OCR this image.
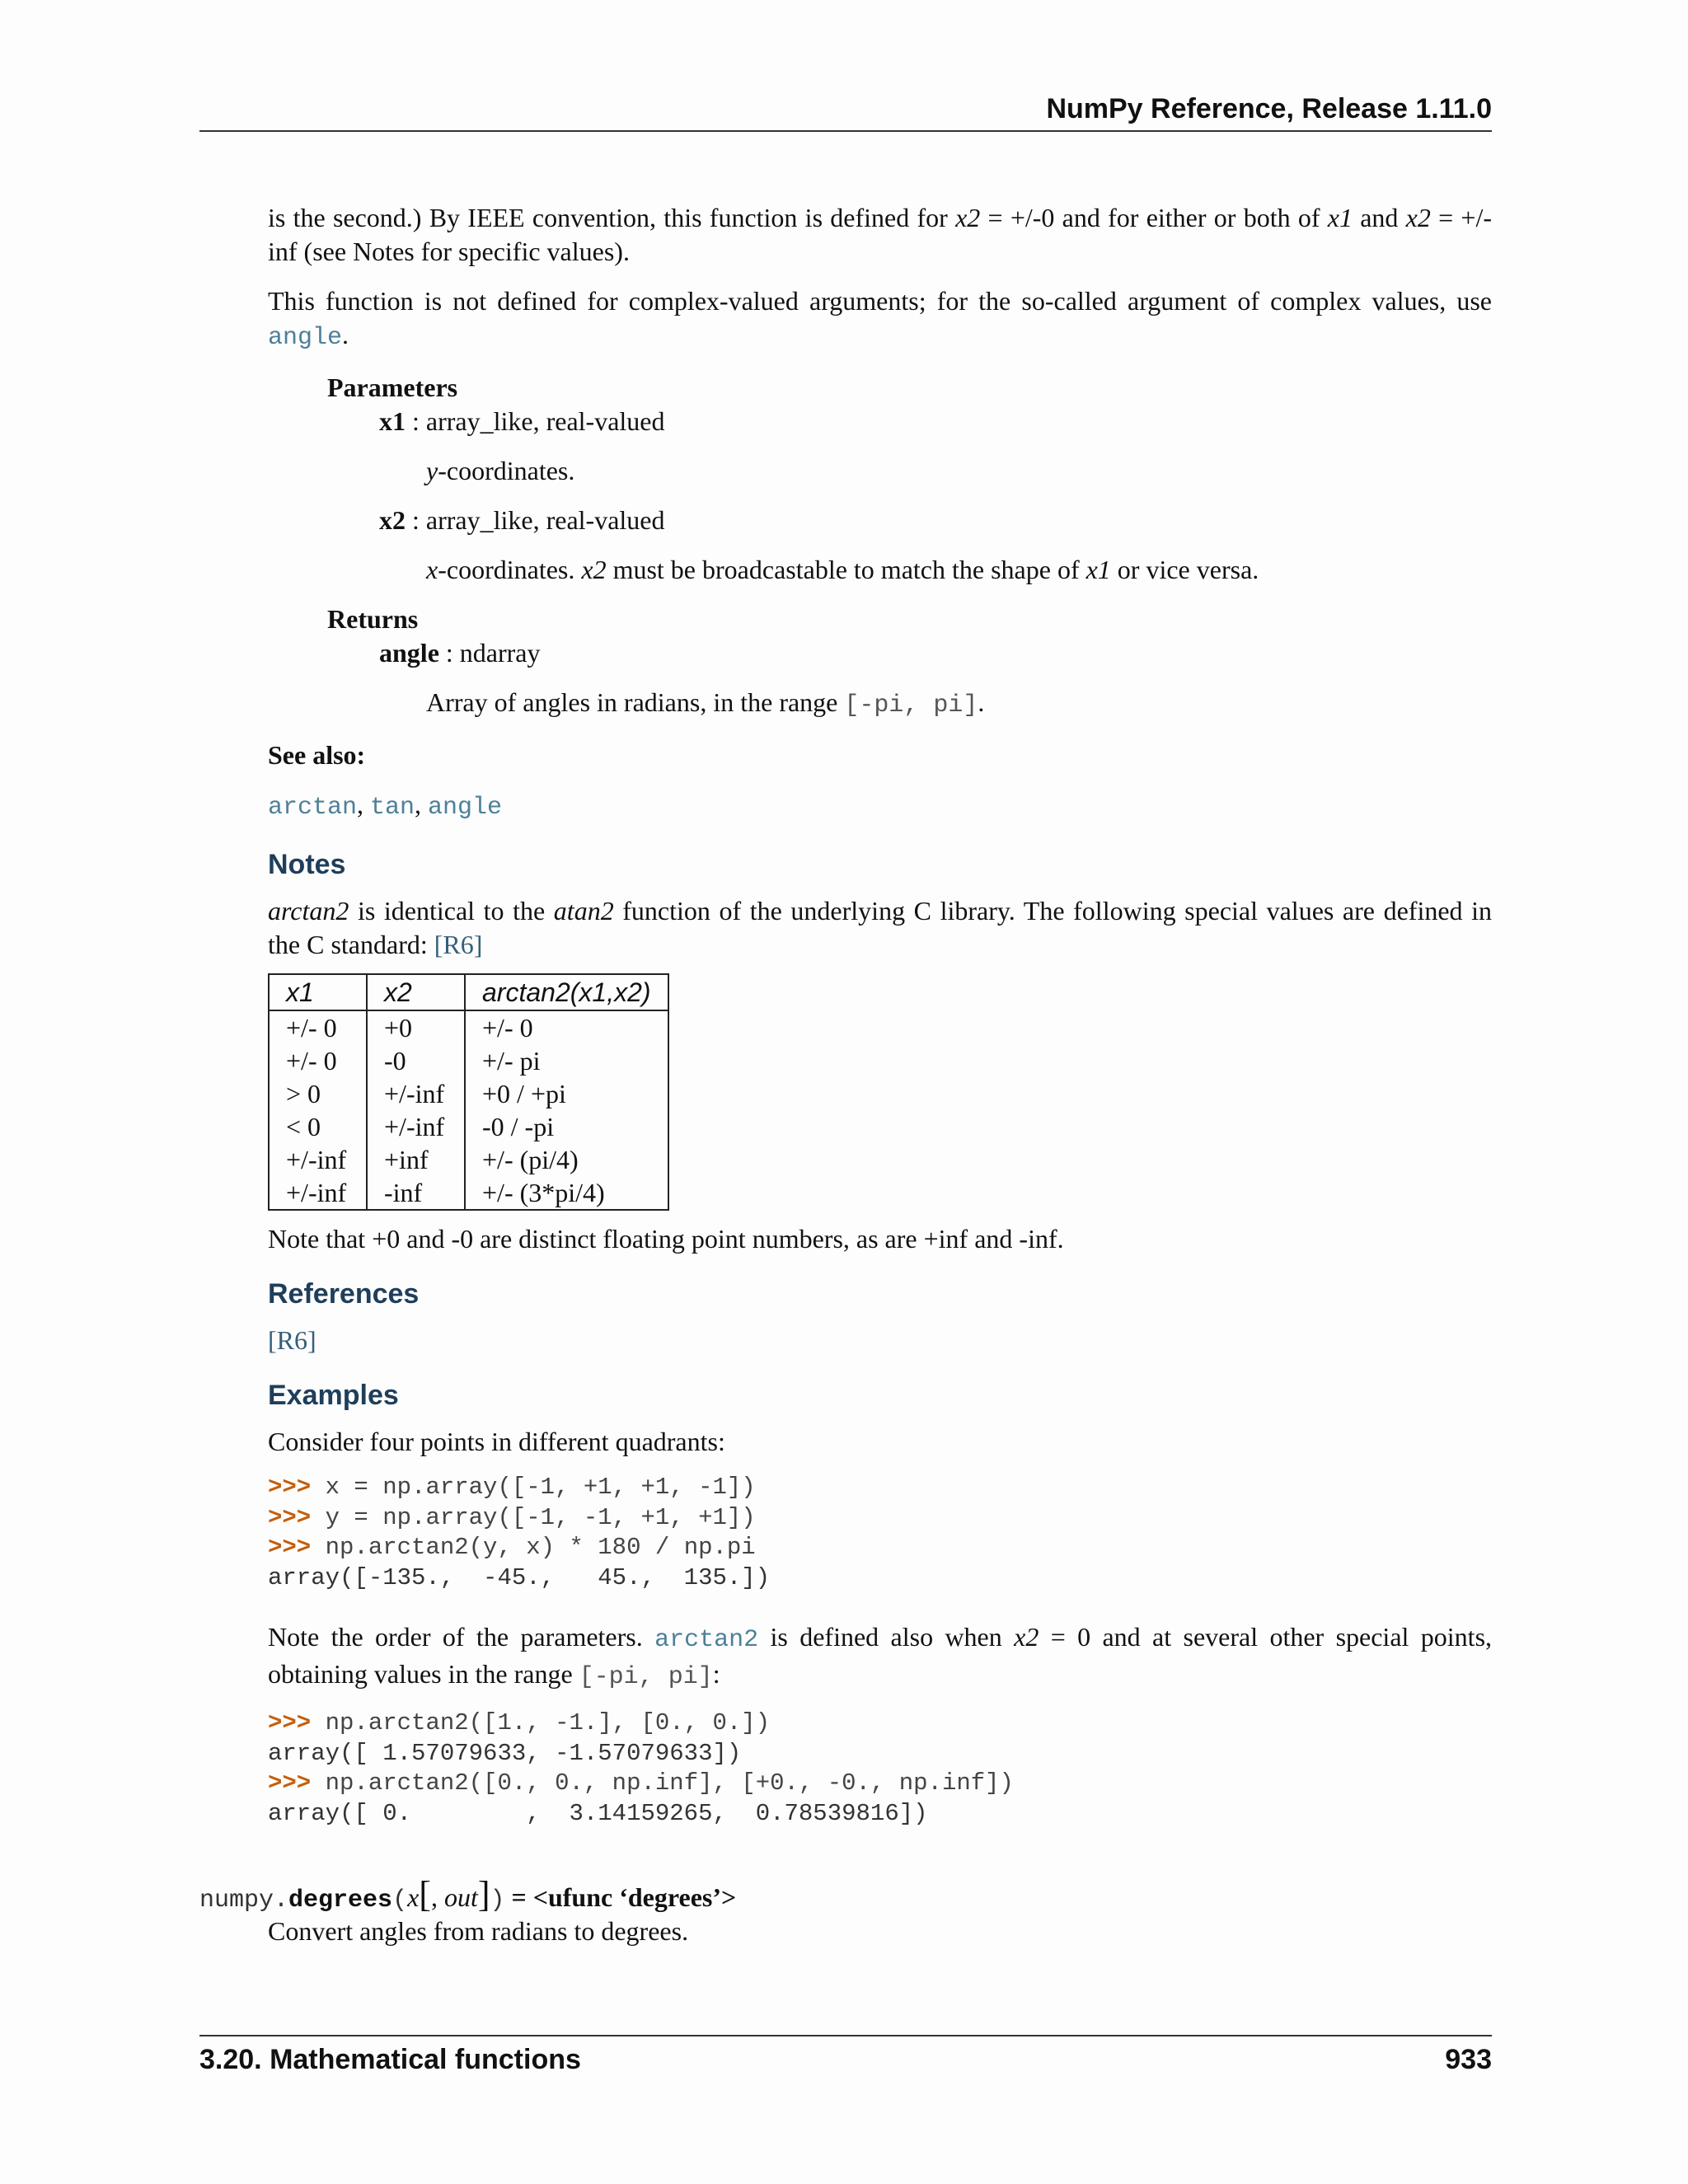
NumPy Reference, Release 1.11.0

is the second.) By IEEE convention, this function is defined for x2 = +/-0 and for either or both of x1 and x2 = +/-inf (see Notes for specific values).

This function is not defined for complex-valued arguments; for the so-called argument of complex values, use angle.

Parameters

x1 : array_like, real-valued

y-coordinates.

x2 : array_like, real-valued

x-coordinates. x2 must be broadcastable to match the shape of x1 or vice versa.

Returns

angle : ndarray

Array of angles in radians, in the range [-pi, pi].

See also:

arctan, tan, angle

Notes

arctan2 is identical to the atan2 function of the underlying C library. The following special values are defined in the C standard: [R6]

x1	x2	arctan2(x1,x2)
+/- 0	+0	+/- 0
+/- 0	-0	+/- pi
> 0	+/-inf	+0 / +pi
< 0	+/-inf	-0 / -pi
+/-inf	+inf	+/- (pi/4)
+/-inf	-inf	+/- (3*pi/4)

Note that +0 and -0 are distinct floating point numbers, as are +inf and -inf.

References

[R6]

Examples

Consider four points in different quadrants:

>>> x = np.array([-1, +1, +1, -1])
>>> y = np.array([-1, -1, +1, +1])
>>> np.arctan2(y, x) * 180 / np.pi
array([-135.,  -45.,   45.,  135.])

Note the order of the parameters. arctan2 is defined also when x2 = 0 and at several other special points, obtaining values in the range [-pi, pi]:

>>> np.arctan2([1., -1.], [0., 0.])
array([ 1.57079633, -1.57079633])
>>> np.arctan2([0., 0., np.inf], [+0., -0., np.inf])
array([ 0.        ,  3.14159265,  0.78539816])
numpy.degrees(x[, out]) = <ufunc ‘degrees’>
Convert angles from radians to degrees.
3.20. Mathematical functions	933
